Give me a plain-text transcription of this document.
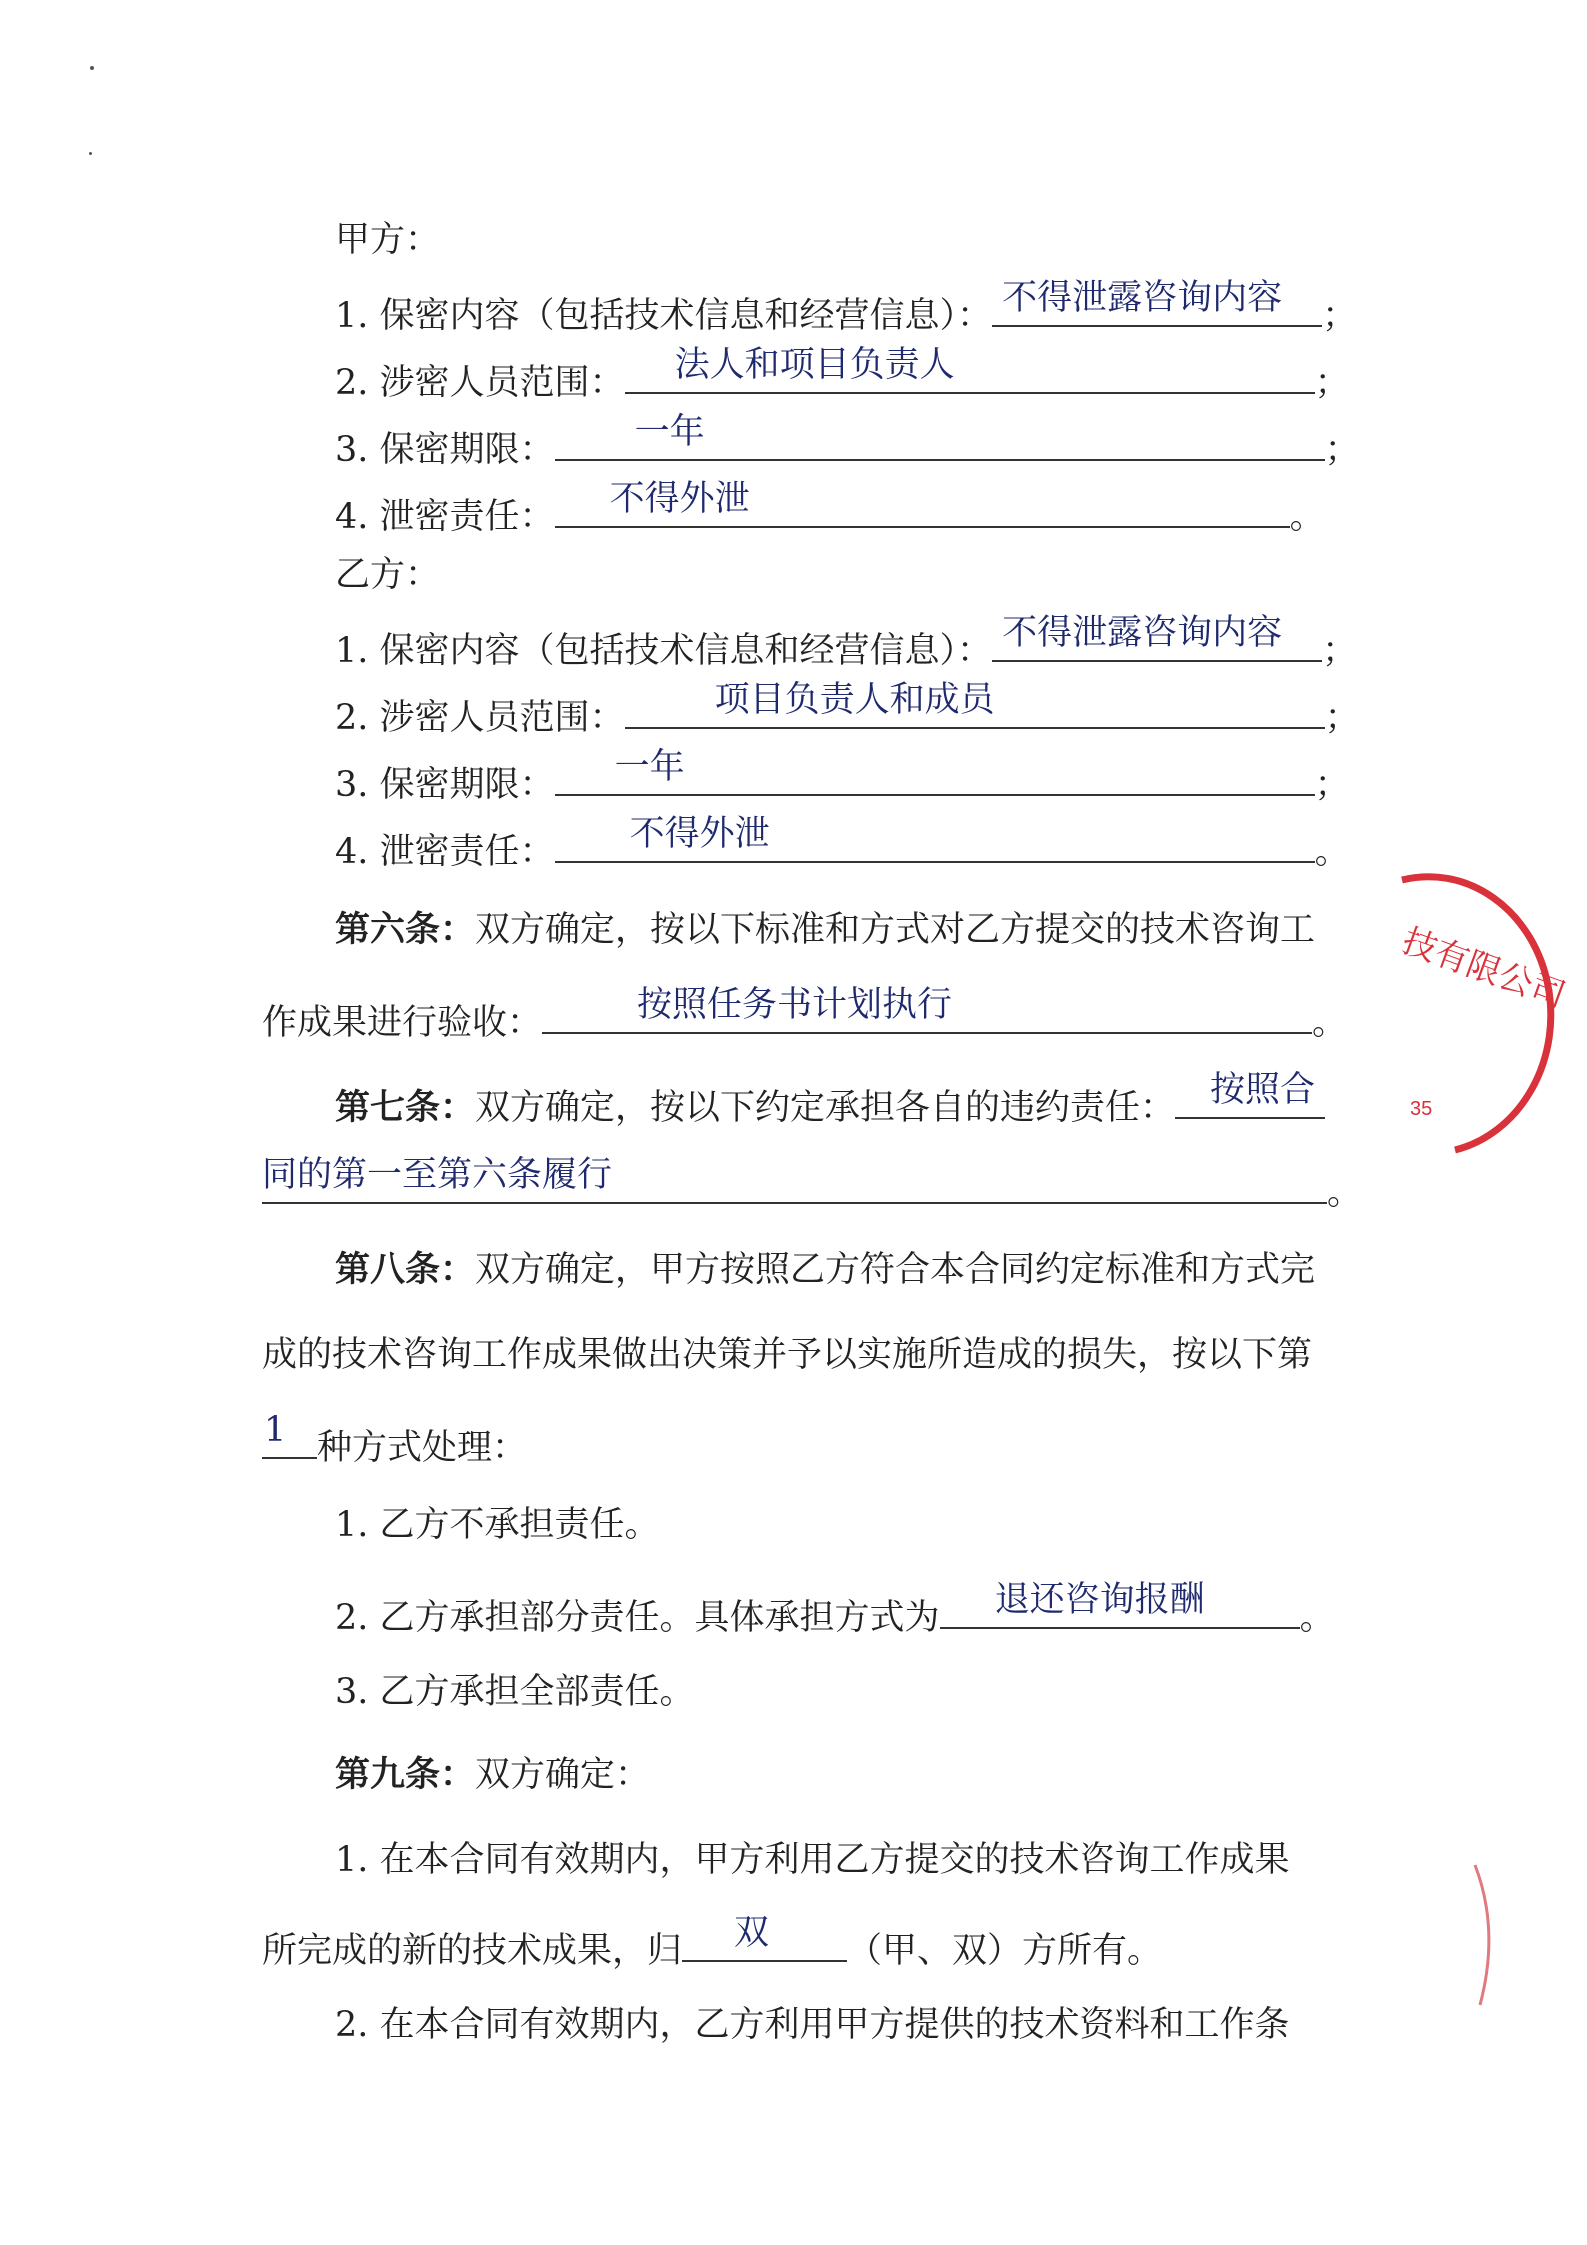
甲方：
1. 保密内容（包括技术信息和经营信息）： 不得泄露咨询内容 ；
2. 涉密人员范围： 法人和项目负责人	；
3. 保密期限： 一年	；
4. 泄密责任： 不得外泄	。
乙方：
1. 保密内容（包括技术信息和经营信息）： 不得泄露咨询内容 ；
2. 涉密人员范围：	项目负责人和成员	；
3. 保密期限： 一年	；
4. 泄密责任： 不得外泄	。
第六条：双方确定，按以下标准和方式对乙方提交的技术咨询工
作成果进行验收：	按照任务书计划执行	。
第七条：双方确定，按以下约定承担各自的违约责任： 按照合
同的第一至第六条履行	。
第八条：双方确定，甲方按照乙方符合本合同约定标准和方式完
成的技术咨询工作成果做出决策并予以实施所造成的损失，按以下第
1 种方式处理：
1. 乙方不承担责任。
2. 乙方承担部分责任。具体承担方式为 退还咨询报酬	。
3. 乙方承担全部责任。
第九条：双方确定：
1. 在本合同有效期内，甲方利用乙方提交的技术咨询工作成果
所完成的新的技术成果，归 双 （甲、双）方所有。
2. 在本合同有效期内，乙方利用甲方提供的技术资料和工作条
技有限公司
35
